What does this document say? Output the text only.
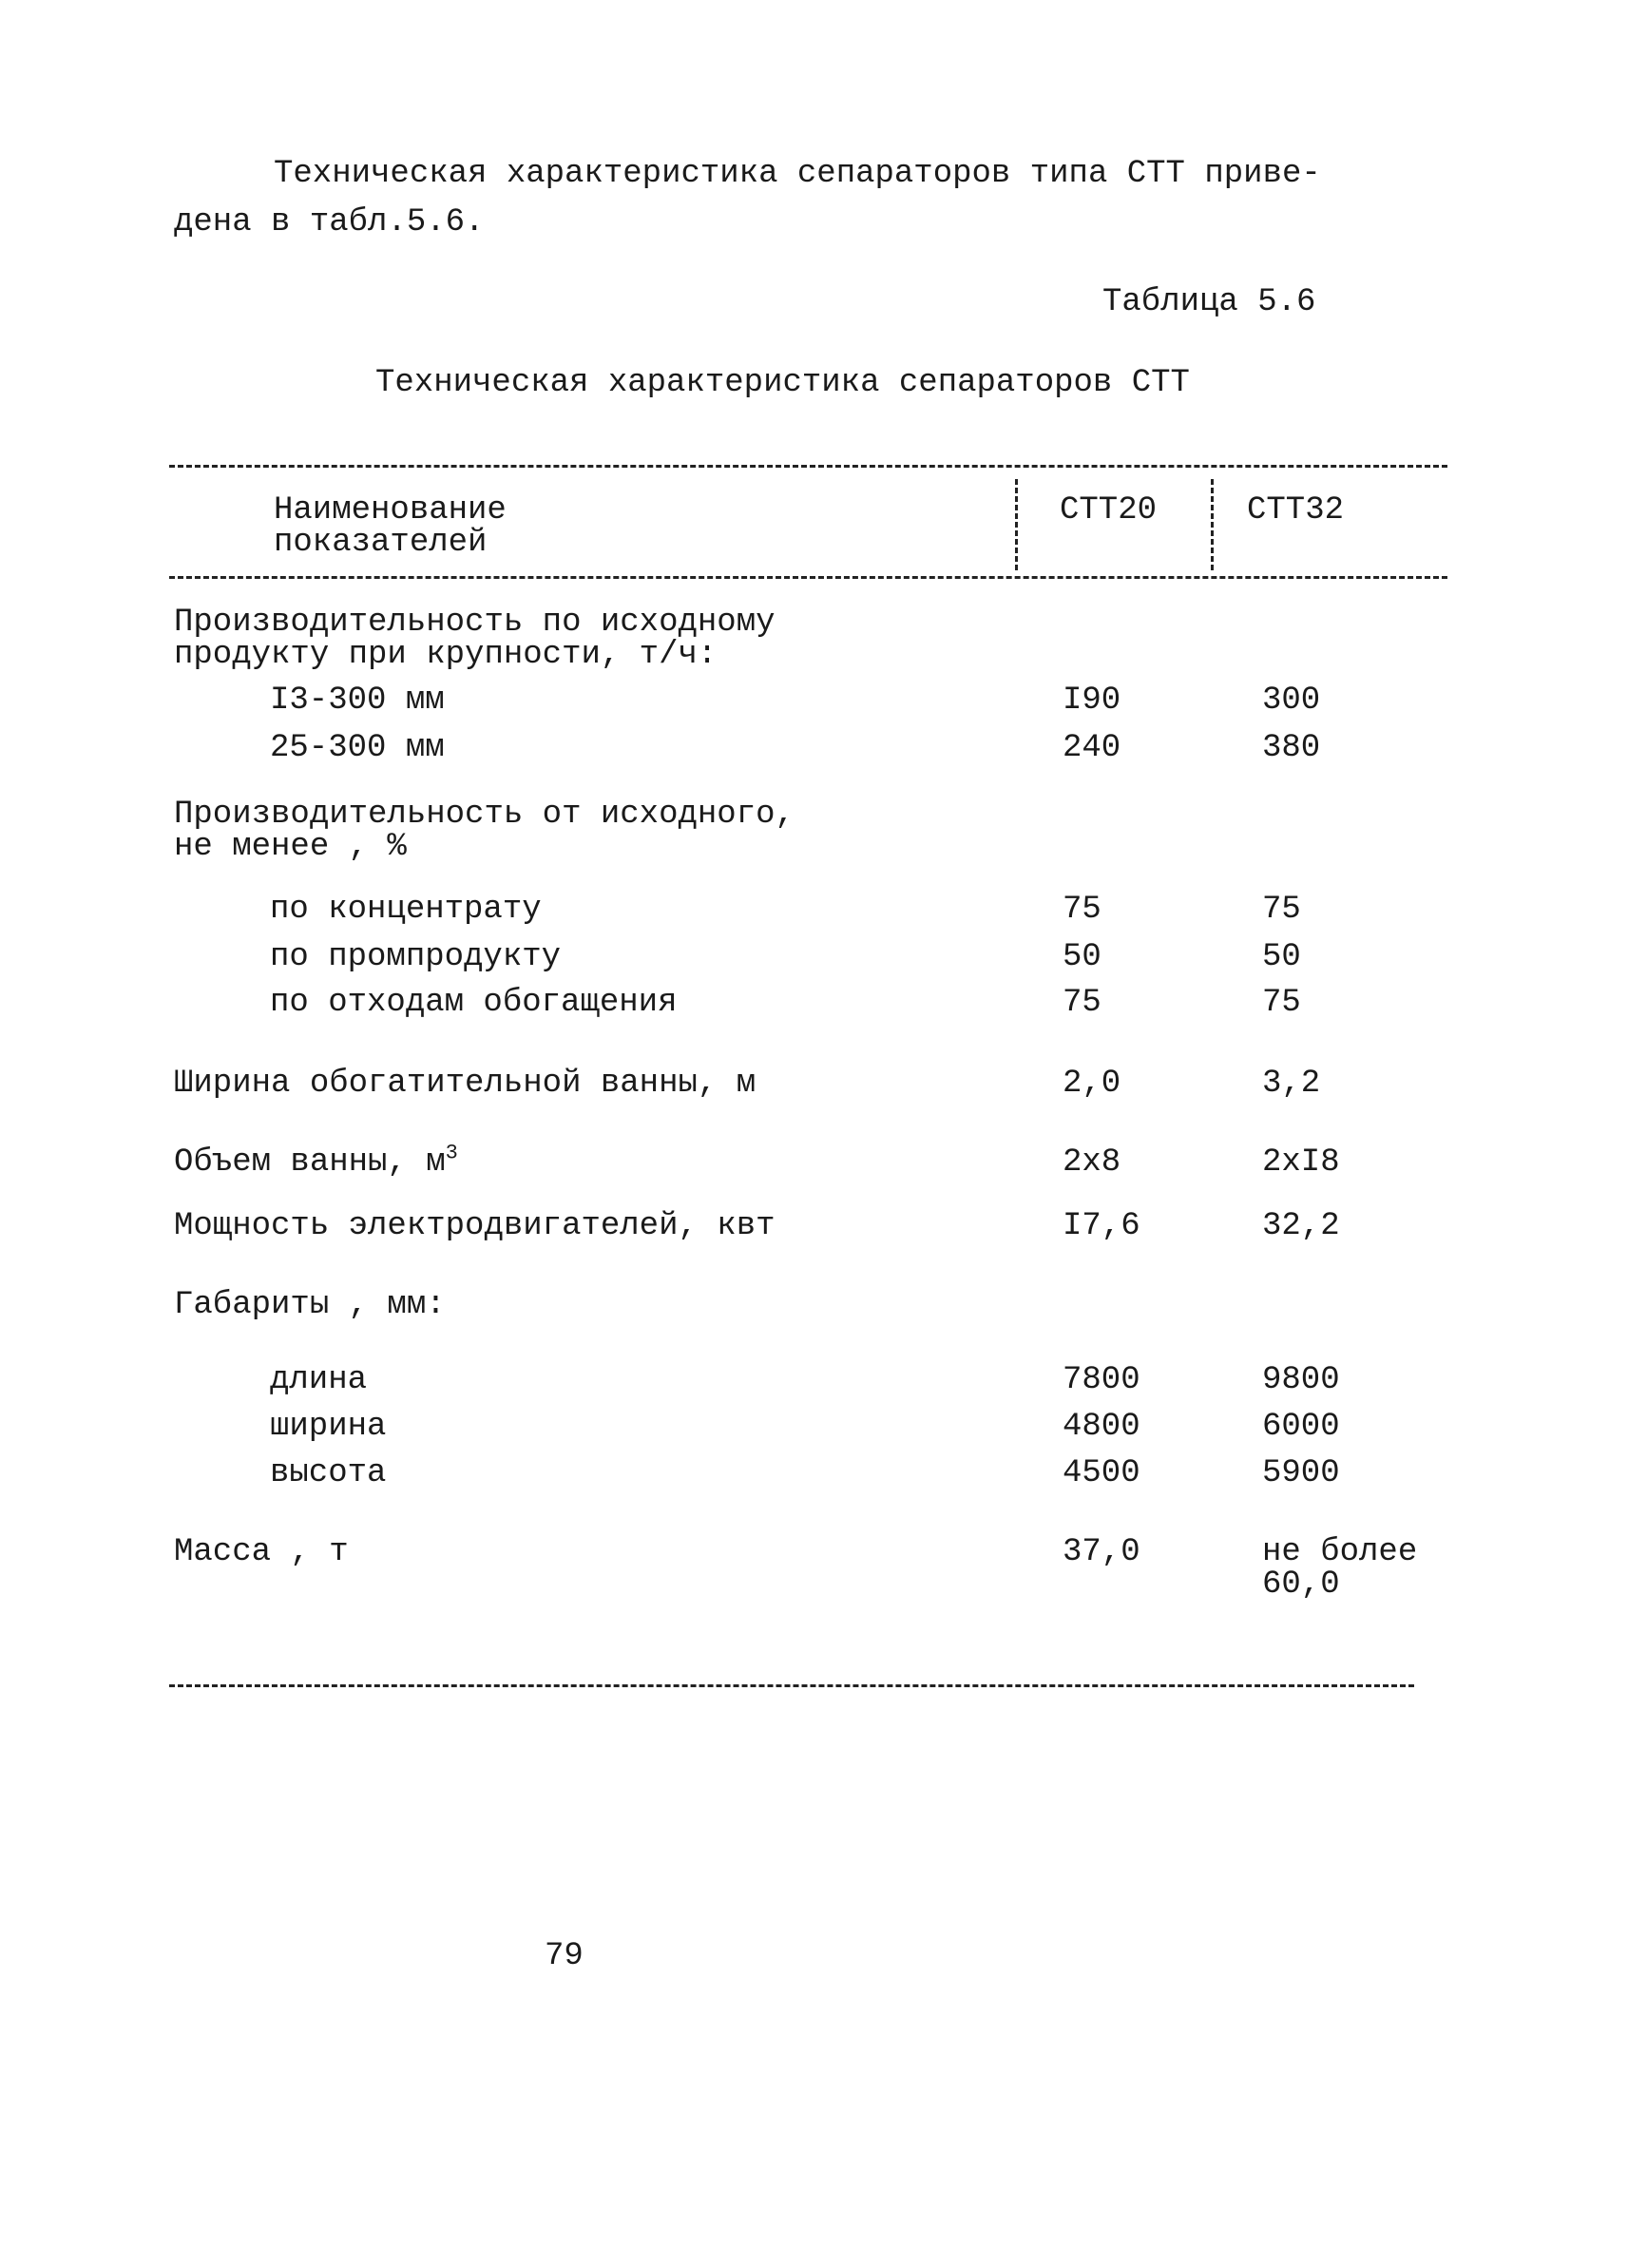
Техническая характеристика сепараторов типа СТТ приве-
дена в табл.5.6.
Таблица 5.6
Техническая характеристика сепараторов СТТ
Наименование
показателей
СТТ20	СТТ32
Производительность по исходному
продукту при крупности, т/ч:
I3-300 мм	I90	300
25-300 мм	240	380
Производительность от исходного,
не менее , %
по концентрату	75	75
по промпродукту	50	50
по отходам обогащения	75	75
Ширина обогатительной ванны, м	2,0	3,2
Объем ванны, $м^3$	2х8	2хI8
Мощность электродвигателей, квт	I7,6	32,2
Габариты , мм:
длина	7800	9800
ширина	4800	6000
высота	4500	5900
Масса , т	37,0	не более
60,0
79
